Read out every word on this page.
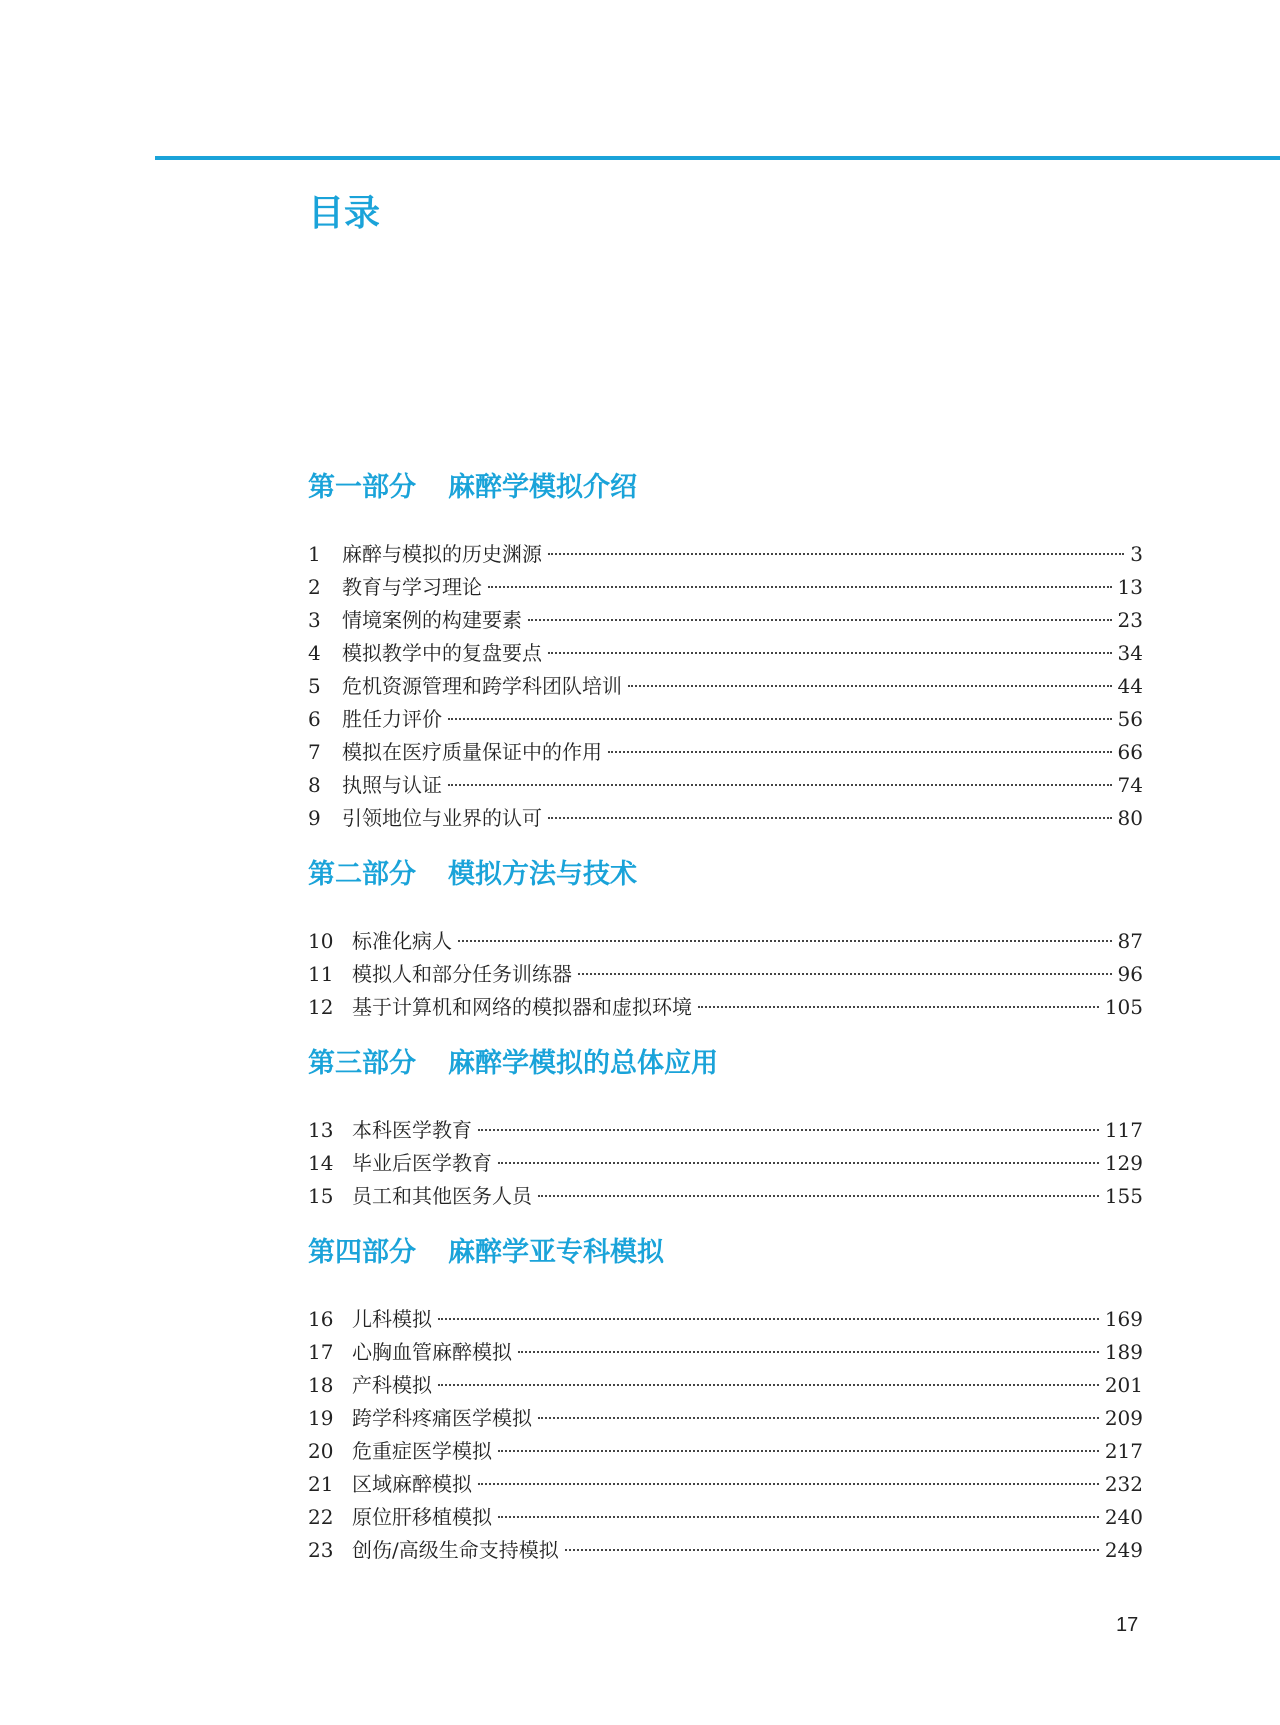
目录
第一部分 麻醉学模拟介绍
1	麻醉与模拟的历史渊源	3
2	教育与学习理论	13
3	情境案例的构建要素	23
4	模拟教学中的复盘要点	34
5	危机资源管理和跨学科团队培训	44
6	胜任力评价	56
7	模拟在医疗质量保证中的作用	66
8	执照与认证	74
9	引领地位与业界的认可	80
第二部分 模拟方法与技术
10 标准化病人	87
11 模拟人和部分任务训练器	96
12 基于计算机和网络的模拟器和虚拟环境	105
第三部分 麻醉学模拟的总体应用
13 本科医学教育	117
14 毕业后医学教育	129
15 员工和其他医务人员	155
第四部分 麻醉学亚专科模拟
16 儿科模拟	169
17 心胸血管麻醉模拟	189
18 产科模拟	201
19 跨学科疼痛医学模拟	209
20 危重症医学模拟	217
21 区域麻醉模拟	232
22 原位肝移植模拟	240
23 创伤/高级生命支持模拟	249
17
